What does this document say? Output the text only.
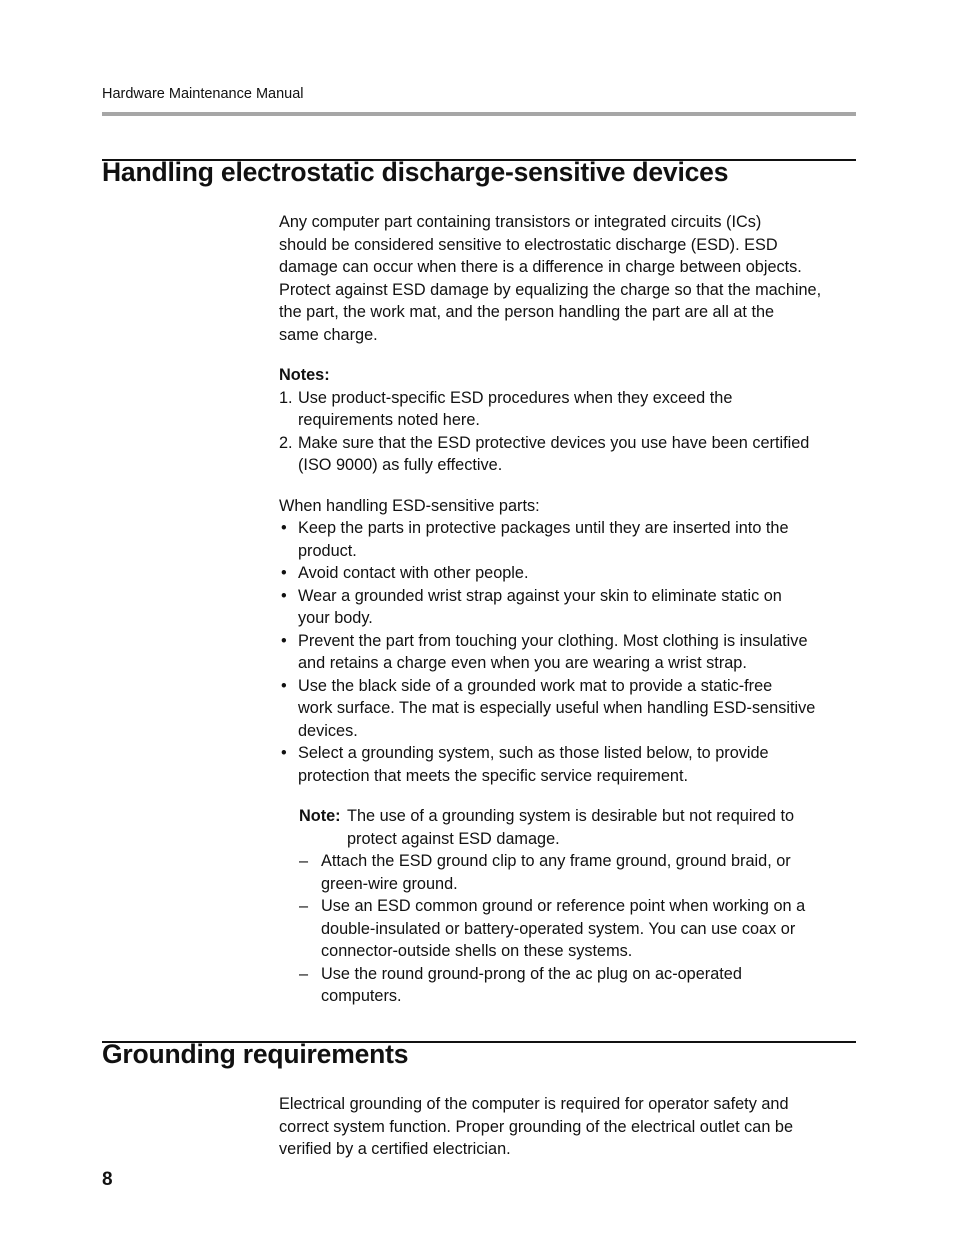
Hardware Maintenance Manual
Handling electrostatic discharge-sensitive devices

Any computer part containing transistors or integrated circuits (ICs)
should be considered sensitive to electrostatic discharge (ESD). ESD
damage can occur when there is a difference in charge between objects.
Protect against ESD damage by equalizing the charge so that the machine,
the part, the work mat, and the person handling the part are all at the
same charge.

Notes:

1. Use product-specific ESD procedures when they exceed the
requirements noted here.
2. Make sure that the ESD protective devices you use have been certified
(ISO 9000) as fully effective.

When handling ESD-sensitive parts:

• Keep the parts in protective packages until they are inserted into the
product.
• Avoid contact with other people.
• Wear a grounded wrist strap against your skin to eliminate static on
your body.
• Prevent the part from touching your clothing. Most clothing is insulative
and retains a charge even when you are wearing a wrist strap.
• Use the black side of a grounded work mat to provide a static-free
work surface. The mat is especially useful when handling ESD-sensitive
devices.
• Select a grounding system, such as those listed below, to provide
protection that meets the specific service requirement.
Note: The use of a grounding system is desirable but not required to
protect against ESD damage.
– Attach the ESD ground clip to any frame ground, ground braid, or
green-wire ground.
– Use an ESD common ground or reference point when working on a
double-insulated or battery-operated system. You can use coax or
connector-outside shells on these systems.
– Use the round ground-prong of the ac plug on ac-operated
computers.
Grounding requirements

Electrical grounding of the computer is required for operator safety and
correct system function. Proper grounding of the electrical outlet can be
verified by a certified electrician.

8
